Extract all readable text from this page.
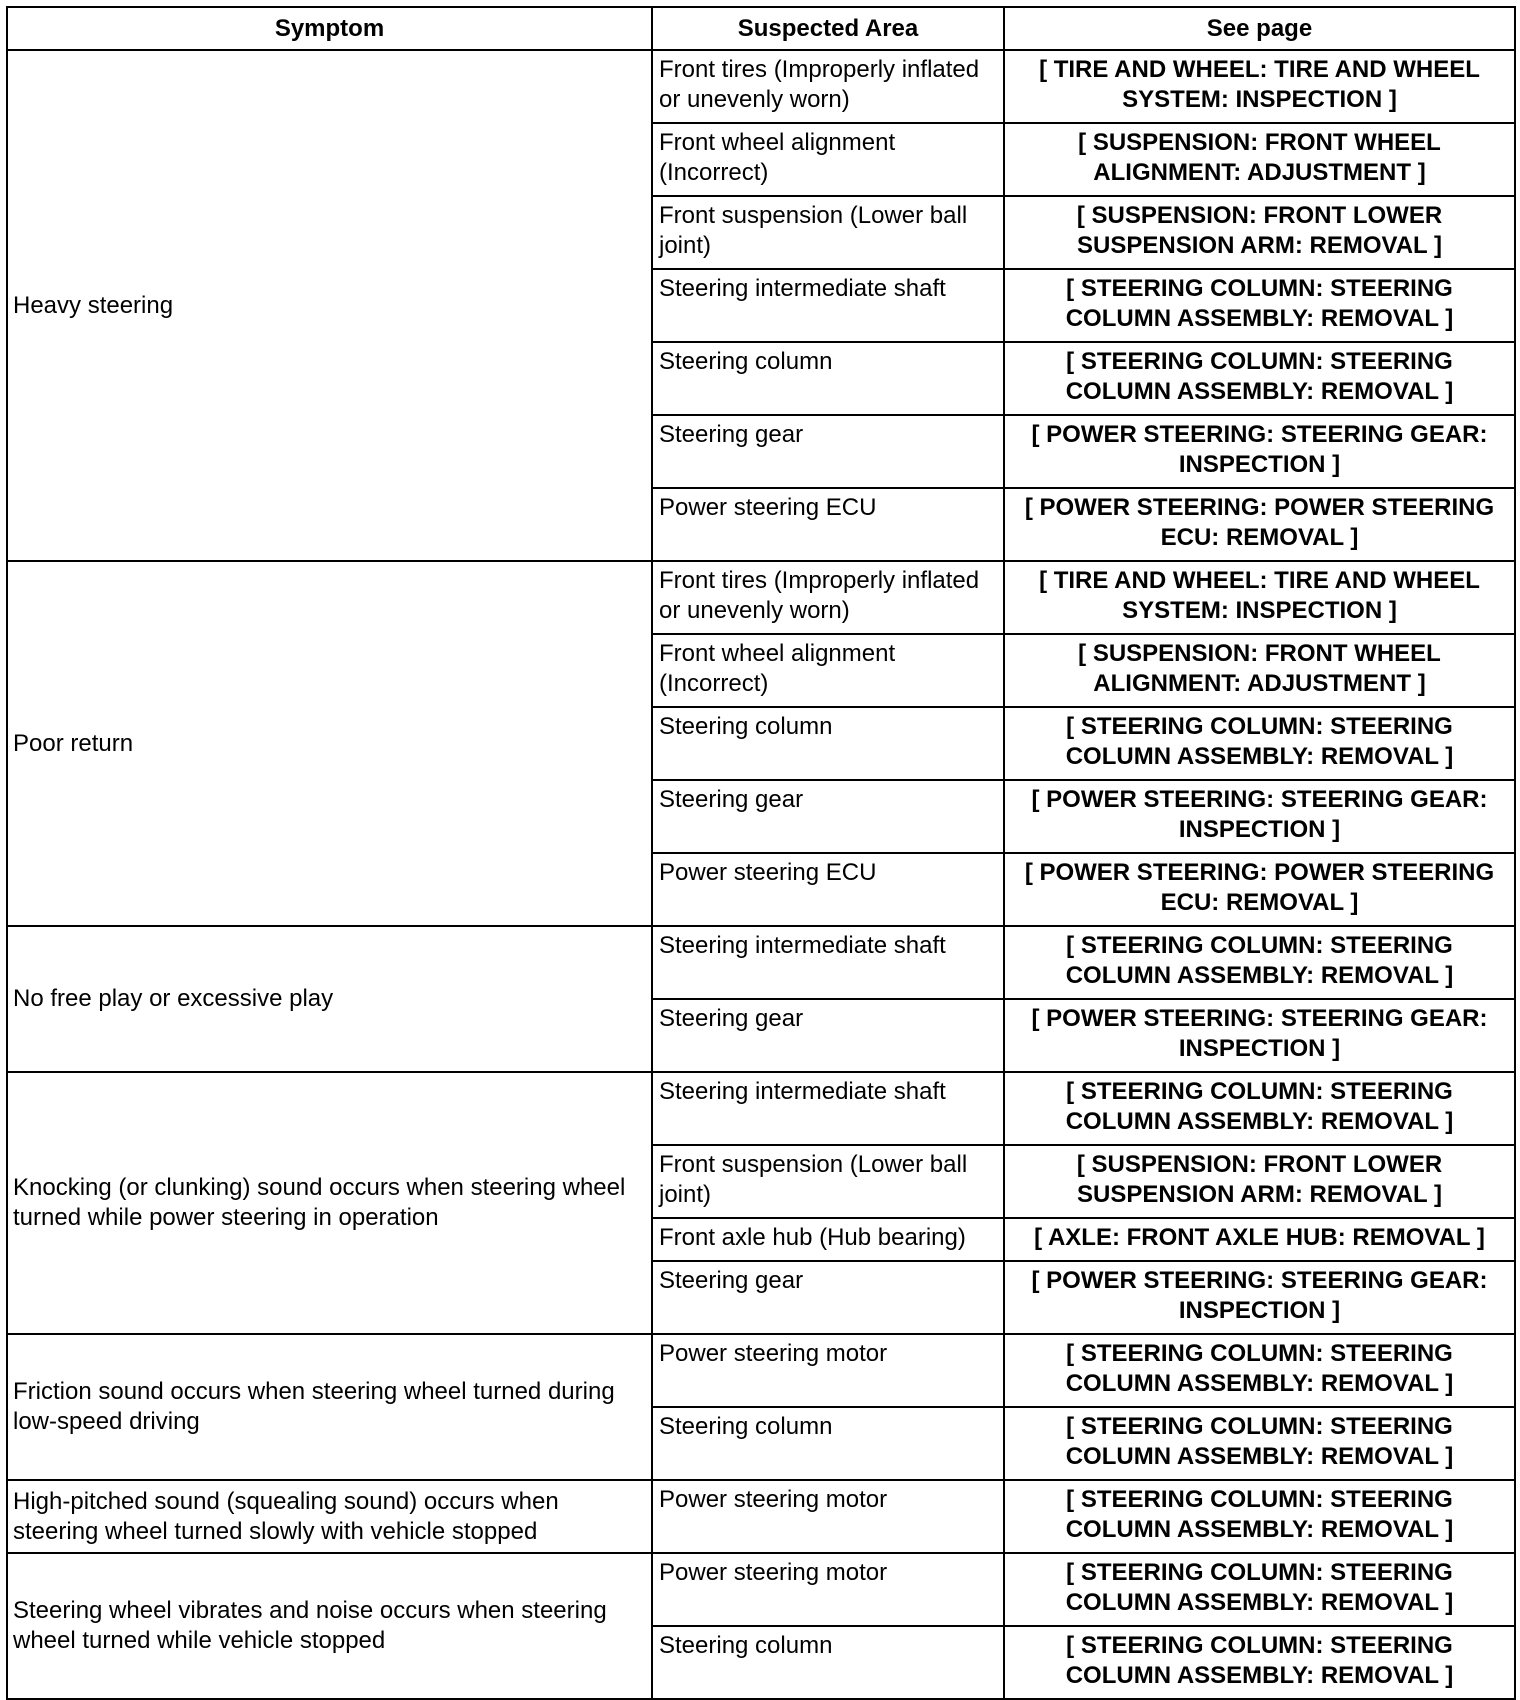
Symptom	Suspected Area	See page
Heavy steering	Front tires (Improperly inflated or unevenly worn)	[ TIRE AND WHEEL: TIRE AND WHEEL SYSTEM: INSPECTION ]
	Front wheel alignment (Incorrect)	[ SUSPENSION: FRONT WHEEL ALIGNMENT: ADJUSTMENT ]
	Front suspension (Lower ball joint)	[ SUSPENSION: FRONT LOWER SUSPENSION ARM: REMOVAL ]
	Steering intermediate shaft	[ STEERING COLUMN: STEERING COLUMN ASSEMBLY: REMOVAL ]
	Steering column	[ STEERING COLUMN: STEERING COLUMN ASSEMBLY: REMOVAL ]
	Steering gear	[ POWER STEERING: STEERING GEAR: INSPECTION ]
	Power steering ECU	[ POWER STEERING: POWER STEERING ECU: REMOVAL ]
Poor return	Front tires (Improperly inflated or unevenly worn)	[ TIRE AND WHEEL: TIRE AND WHEEL SYSTEM: INSPECTION ]
	Front wheel alignment (Incorrect)	[ SUSPENSION: FRONT WHEEL ALIGNMENT: ADJUSTMENT ]
	Steering column	[ STEERING COLUMN: STEERING COLUMN ASSEMBLY: REMOVAL ]
	Steering gear	[ POWER STEERING: STEERING GEAR: INSPECTION ]
	Power steering ECU	[ POWER STEERING: POWER STEERING ECU: REMOVAL ]
No free play or excessive play	Steering intermediate shaft	[ STEERING COLUMN: STEERING COLUMN ASSEMBLY: REMOVAL ]
	Steering gear	[ POWER STEERING: STEERING GEAR: INSPECTION ]
Knocking (or clunking) sound occurs when steering wheel turned while power steering in operation	Steering intermediate shaft	[ STEERING COLUMN: STEERING COLUMN ASSEMBLY: REMOVAL ]
	Front suspension (Lower ball joint)	[ SUSPENSION: FRONT LOWER SUSPENSION ARM: REMOVAL ]
	Front axle hub (Hub bearing)	[ AXLE: FRONT AXLE HUB: REMOVAL ]
	Steering gear	[ POWER STEERING: STEERING GEAR: INSPECTION ]
Friction sound occurs when steering wheel turned during low-speed driving	Power steering motor	[ STEERING COLUMN: STEERING COLUMN ASSEMBLY: REMOVAL ]
	Steering column	[ STEERING COLUMN: STEERING COLUMN ASSEMBLY: REMOVAL ]
High-pitched sound (squealing sound) occurs when steering wheel turned slowly with vehicle stopped	Power steering motor	[ STEERING COLUMN: STEERING COLUMN ASSEMBLY: REMOVAL ]
Steering wheel vibrates and noise occurs when steering wheel turned while vehicle stopped	Power steering motor	[ STEERING COLUMN: STEERING COLUMN ASSEMBLY: REMOVAL ]
	Steering column	[ STEERING COLUMN: STEERING COLUMN ASSEMBLY: REMOVAL ]
